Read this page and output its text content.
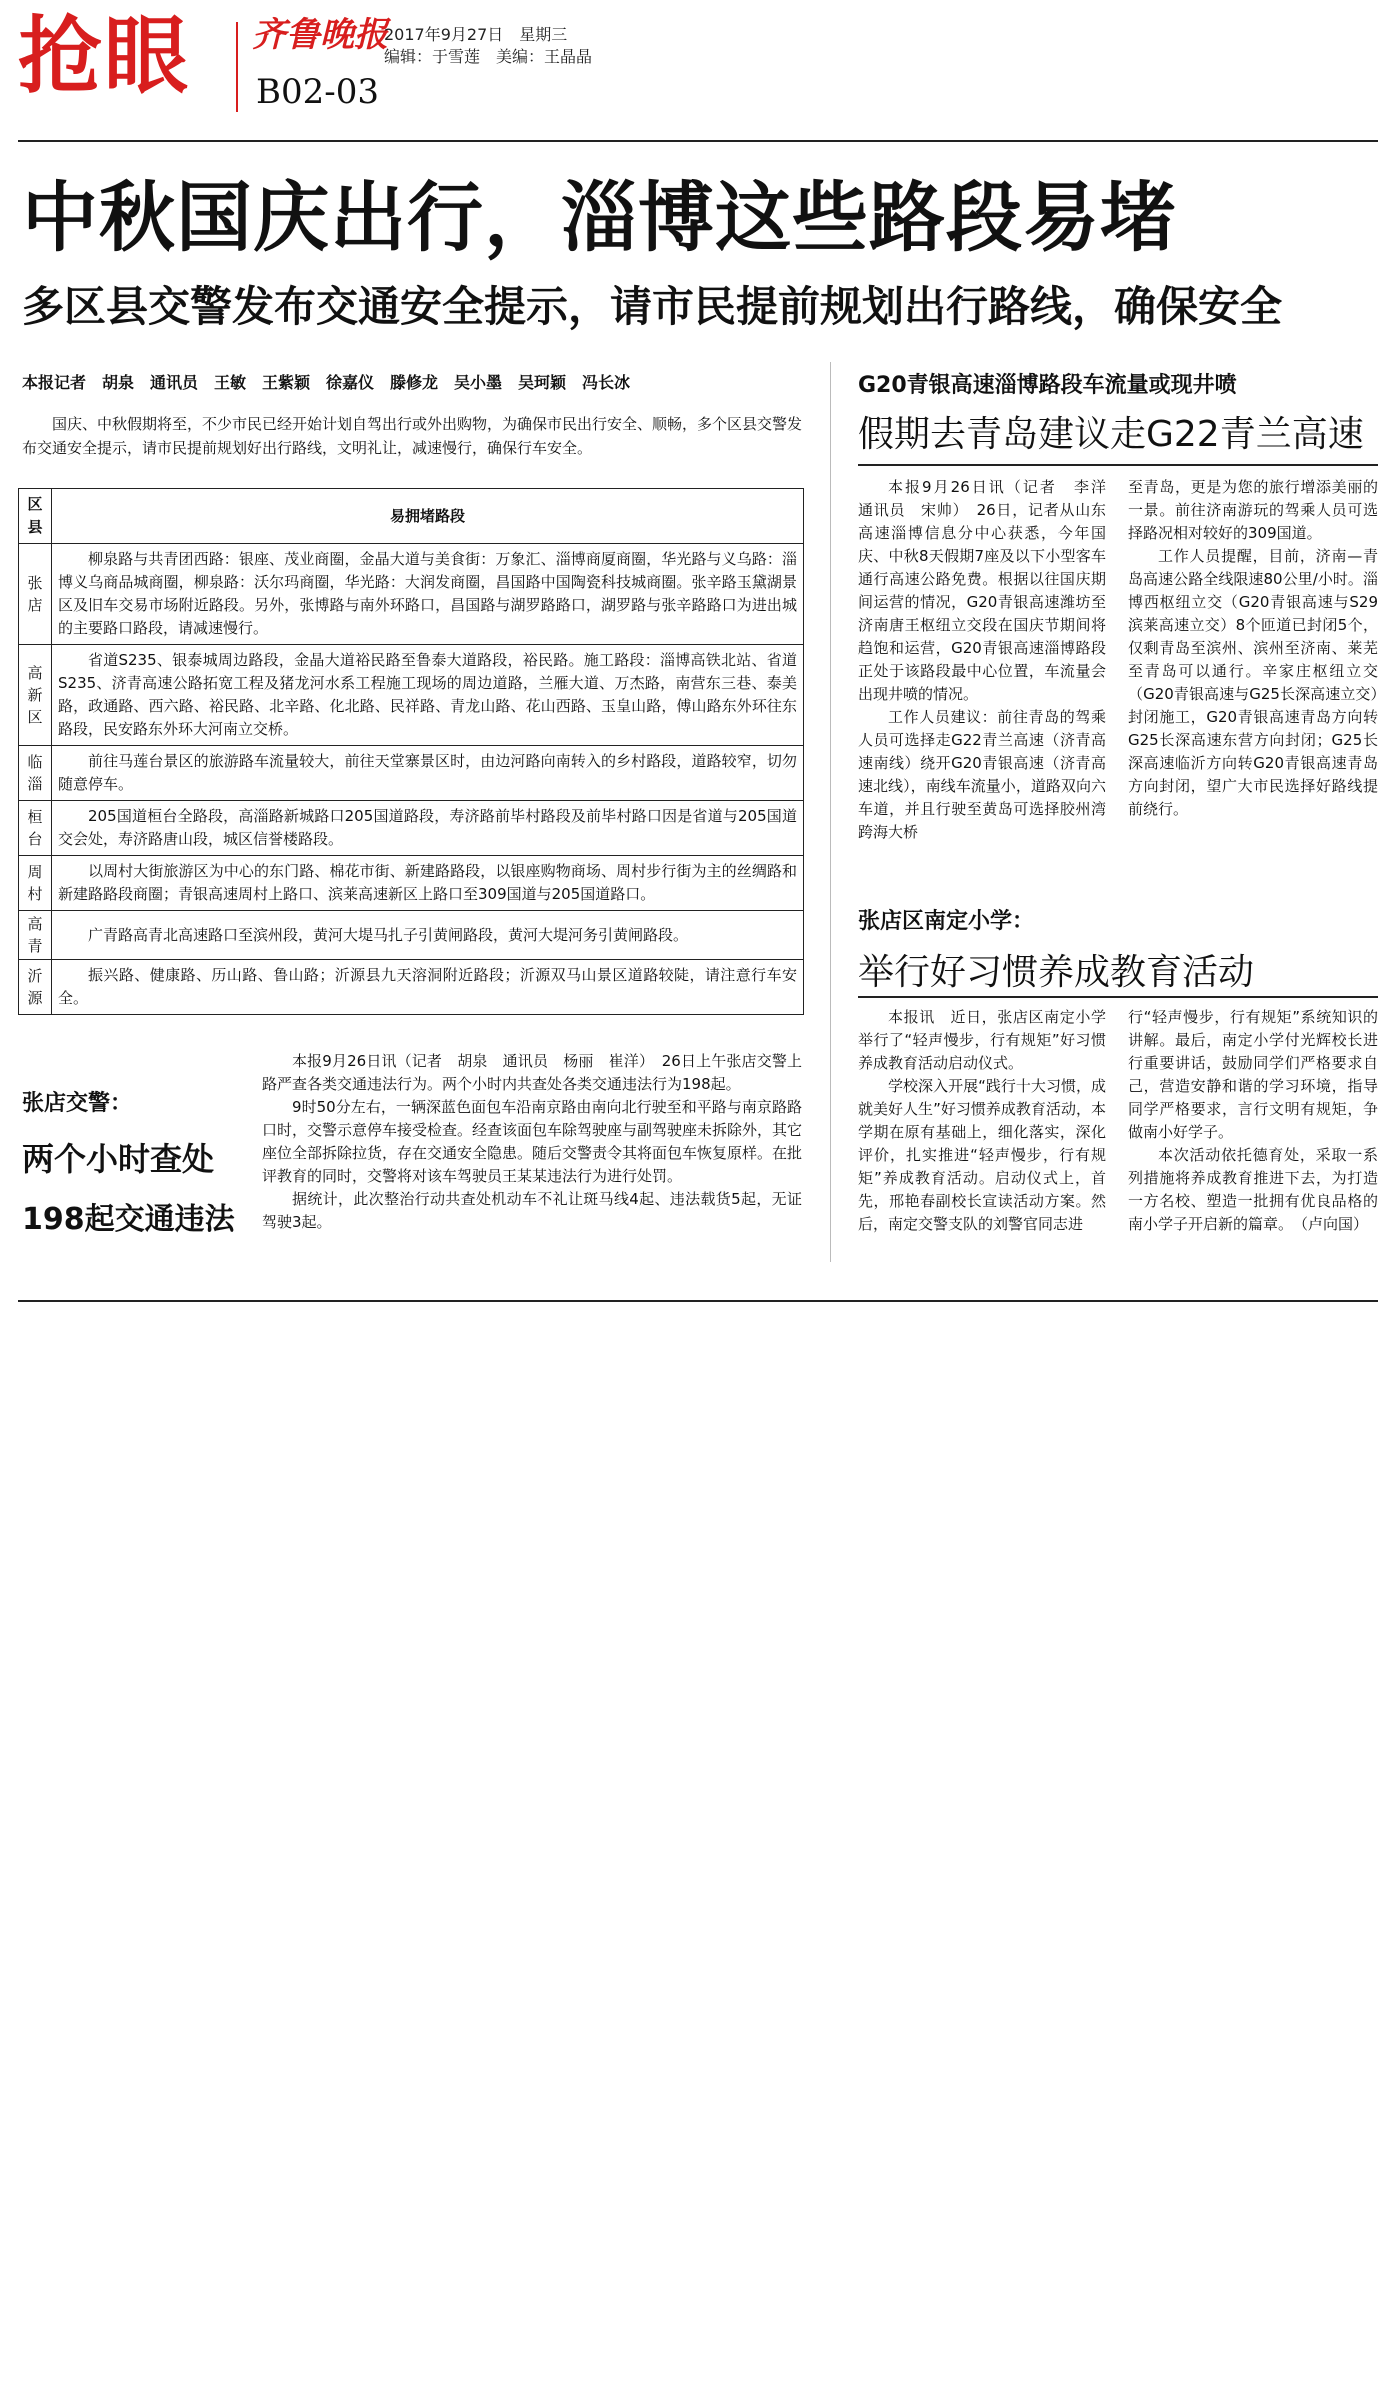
抢眼 齐鲁晚报
2017年9月27日　星期三
编辑：于雪莲　美编：王晶晶
B02-03
中秋国庆出行，淄博这些路段易堵
多区县交警发布交通安全提示，请市民提前规划出行路线，确保安全
本报记者　胡泉　通讯员　王敏　王紫颖　徐嘉仪　滕修龙　吴小墨　吴珂颖　冯长冰
国庆、中秋假期将至，不少市民已经开始计划自驾出行或外出购物，为确保市民出行安全、顺畅，多个区县交警发布交通安全提示，请市民提前规划好出行路线，文明礼让，减速慢行，确保行车安全。
区县	易拥堵路段
张店	柳泉路与共青团西路：银座、茂业商圈，金晶大道与美食街：万象汇、淄博商厦商圈，华光路与义乌路：淄博义乌商品城商圈，柳泉路：沃尔玛商圈，华光路：大润发商圈，昌国路中国陶瓷科技城商圈。张辛路玉黛湖景区及旧车交易市场附近路段。另外，张博路与南外环路口，昌国路与湖罗路路口，湖罗路与张辛路路口为进出城的主要路口路段，请减速慢行。
高新区	省道S235、银泰城周边路段，金晶大道裕民路至鲁泰大道路段，裕民路。施工路段：淄博高铁北站、省道S235、济青高速公路拓宽工程及猪龙河水系工程施工现场的周边道路，兰雁大道、万杰路，南营东三巷、泰美路，政通路、西六路、裕民路、北辛路、化北路、民祥路、青龙山路、花山西路、玉皇山路，傅山路东外环往东路段，民安路东外环大河南立交桥。
临淄	前往马莲台景区的旅游路车流量较大，前往天堂寨景区时，由边河路向南转入的乡村路段，道路较窄，切勿随意停车。
桓台	205国道桓台全路段，高淄路新城路口205国道路段，寿济路前毕村路段及前毕村路口因是省道与205国道交会处，寿济路唐山段，城区信誉楼路段。
周村	以周村大街旅游区为中心的东门路、棉花市街、新建路路段，以银座购物商场、周村步行街为主的丝绸路和新建路路段商圈；青银高速周村上路口、滨莱高速新区上路口至309国道与205国道路口。
高青	广青路高青北高速路口至滨州段，黄河大堤马扎子引黄闸路段，黄河大堤河务引黄闸路段。
沂源	振兴路、健康路、历山路、鲁山路；沂源县九天溶洞附近路段；沂源双马山景区道路较陡，请注意行车安全。
张店交警：
两个小时查处
198起交通违法

本报9月26日讯（记者　胡泉　通讯员　杨丽　崔洋）　26日上午张店交警上路严查各类交通违法行为。两个小时内共查处各类交通违法行为198起。

9时50分左右，一辆深蓝色面包车沿南京路由南向北行驶至和平路与南京路路口时，交警示意停车接受检查。经查该面包车除驾驶座与副驾驶座未拆除外，其它座位全部拆除拉货，存在交通安全隐患。随后交警责令其将面包车恢复原样。在批评教育的同时，交警将对该车驾驶员王某某违法行为进行处罚。

据统计，此次整治行动共查处机动车不礼让斑马线4起、违法载货5起，无证驾驶3起。

G20青银高速淄博路段车流量或现井喷
假期去青岛建议走G22青兰高速

本报9月26日讯（记者　李洋　通讯员　宋帅）　26日，记者从山东高速淄博信息分中心获悉，今年国庆、中秋8天假期7座及以下小型客车通行高速公路免费。根据以往国庆期间运营的情况，G20青银高速潍坊至济南唐王枢纽立交段在国庆节期间将趋饱和运营，G20青银高速淄博路段正处于该路段最中心位置，车流量会出现井喷的情况。

工作人员建议：前往青岛的驾乘人员可选择走G22青兰高速（济青高速南线）绕开G20青银高速（济青高速北线），南线车流量小，道路双向六车道，并且行驶至黄岛可选择胶州湾跨海大桥

至青岛，更是为您的旅行增添美丽的一景。前往济南游玩的驾乘人员可选择路况相对较好的309国道。

工作人员提醒，目前，济南—青岛高速公路全线限速80公里/小时。淄博西枢纽立交（G20青银高速与S29滨莱高速立交）8个匝道已封闭5个，仅剩青岛至滨州、滨州至济南、莱芜至青岛可以通行。辛家庄枢纽立交（G20青银高速与G25长深高速立交）封闭施工，G20青银高速青岛方向转G25长深高速东营方向封闭；G25长深高速临沂方向转G20青银高速青岛方向封闭，望广大市民选择好路线提前绕行。

张店区南定小学：
举行好习惯养成教育活动

本报讯　近日，张店区南定小学举行了“轻声慢步，行有规矩”好习惯养成教育活动启动仪式。

学校深入开展“践行十大习惯，成就美好人生”好习惯养成教育活动，本学期在原有基础上，细化落实，深化评价，扎实推进“轻声慢步，行有规矩”养成教育活动。启动仪式上，首先，邢艳春副校长宣读活动方案。然后，南定交警支队的刘警官同志进

行“轻声慢步，行有规矩”系统知识的讲解。最后，南定小学付光辉校长进行重要讲话，鼓励同学们严格要求自己，营造安静和谐的学习环境，指导同学严格要求，言行文明有规矩，争做南小好学子。

本次活动依托德育处，采取一系列措施将养成教育推进下去，为打造一方名校、塑造一批拥有优良品格的南小学子开启新的篇章。　（卢向国）
